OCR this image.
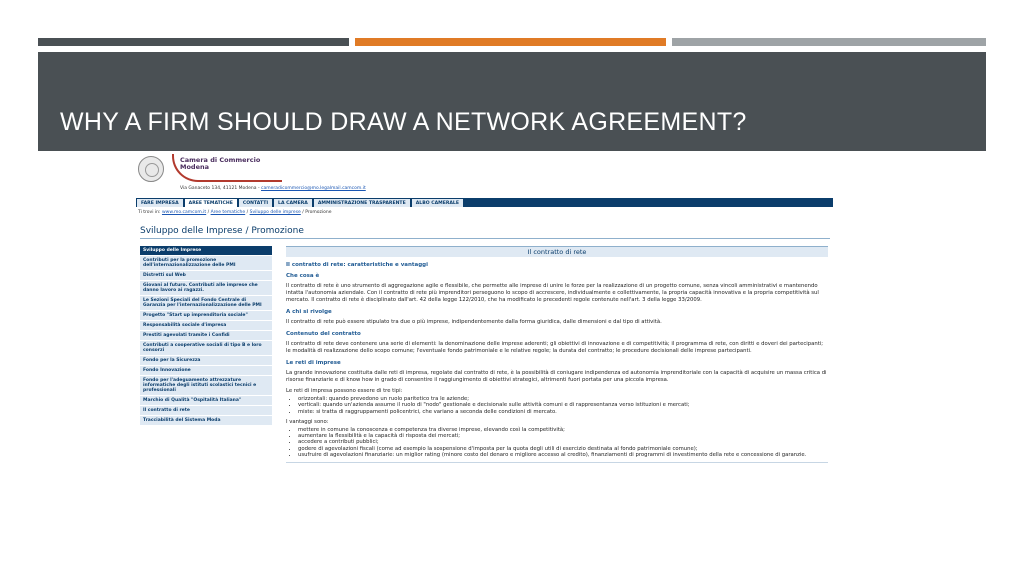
WHY A FIRM SHOULD DRAW A NETWORK AGREEMENT?
Camera di Commercio
Modena
Via Ganaceto 134, 41121 Modena - cameradicommercio@mo.legalmail.camcom.it
FARE IMPRESA	AREE TEMATICHE	CONTATTI	LA CAMERA	AMMINISTRAZIONE TRASPARENTE	ALBO CAMERALE
Ti trovi in: www.mo.camcom.it / Aree tematiche / Sviluppo delle imprese / Promozione
Sviluppo delle Imprese / Promozione
Sviluppo delle Imprese
Contributi per la promozione dell'internazionalizzazione delle PMI
Distretti sul Web
Giovani al futuro. Contributi alle imprese che danno lavoro ai ragazzi.
Le Sezioni Speciali del Fondo Centrale di Garanzia per l'internazionalizzazione delle PMI
Progetto "Start up imprenditoria sociale"
Responsabilità sociale d'impresa
Prestiti agevolati tramite i Confidi
Contributi a cooperative sociali di tipo B e loro consorzi
Fondo per la Sicurezza
Fondo Innovazione
Fondo per l'adeguamento attrezzature informatiche degli istituti scolastici tecnici e professionali
Marchio di Qualità "Ospitalità Italiana"
Il contratto di rete
Tracciabilità del Sistema Moda
Il contratto di rete
Il contratto di rete: caratteristiche e vantaggi
Che cosa è
Il contratto di rete è uno strumento di aggregazione agile e flessibile, che permette alle imprese di unire le forze per la realizzazione di un progetto comune, senza vincoli amministrativi e mantenendo intatta l'autonomia aziendale. Con il contratto di rete più imprenditori perseguono lo scopo di accrescere, individualmente e collettivamente, la propria capacità innovativa e la propria competitività sul mercato. Il contratto di rete è disciplinato dall'art. 42 della legge 122/2010, che ha modificato le precedenti regole contenute nell'art. 3 della legge 33/2009.
A chi si rivolge
Il contratto di rete può essere stipulato tra due o più imprese, indipendentemente dalla forma giuridica, dalle dimensioni e dal tipo di attività.
Contenuto del contratto
Il contratto di rete deve contenere una serie di elementi: la denominazione delle imprese aderenti; gli obiettivi di innovazione e di competitività; il programma di rete, con diritti e doveri dei partecipanti; le modalità di realizzazione dello scopo comune; l'eventuale fondo patrimoniale e le relative regole; la durata del contratto; le procedure decisionali delle imprese partecipanti.
Le reti di imprese
La grande innovazione costituita dalle reti di impresa, regolate dal contratto di rete, è la possibilità di coniugare indipendenza ed autonomia imprenditoriale con la capacità di acquisire un massa critica di risorse finanziarie e di know how in grado di consentire il raggiungimento di obiettivi strategici, altrimenti fuori portata per una piccola impresa.
Le reti di impresa possono essere di tre tipi:
• orizzontali: quando prevedono un ruolo paritetico tra le aziende;
• verticali: quando un'azienda assume il ruolo di "nodo" gestionale e decisionale sulle attività comuni e di rappresentanza verso istituzioni e mercati;
• miste: si tratta di raggruppamenti policentrici, che variano a seconda delle condizioni di mercato.
I vantaggi sono:
• mettere in comune la conoscenza e competenza tra diverse imprese, elevando così la competitività;
• aumentare la flessibilità e la capacità di risposta dei mercati;
• accedere a contributi pubblici;
• godere di agevolazioni fiscali (come ad esempio la sospensione d'imposta per la quota degli utili di esercizio destinata al fondo patrimoniale comune);
• usufruire di agevolazioni finanziarie: un miglior rating (minore costo del denaro e migliore accesso al credito), finanziamenti di programmi di investimento della rete e concessione di garanzie.
